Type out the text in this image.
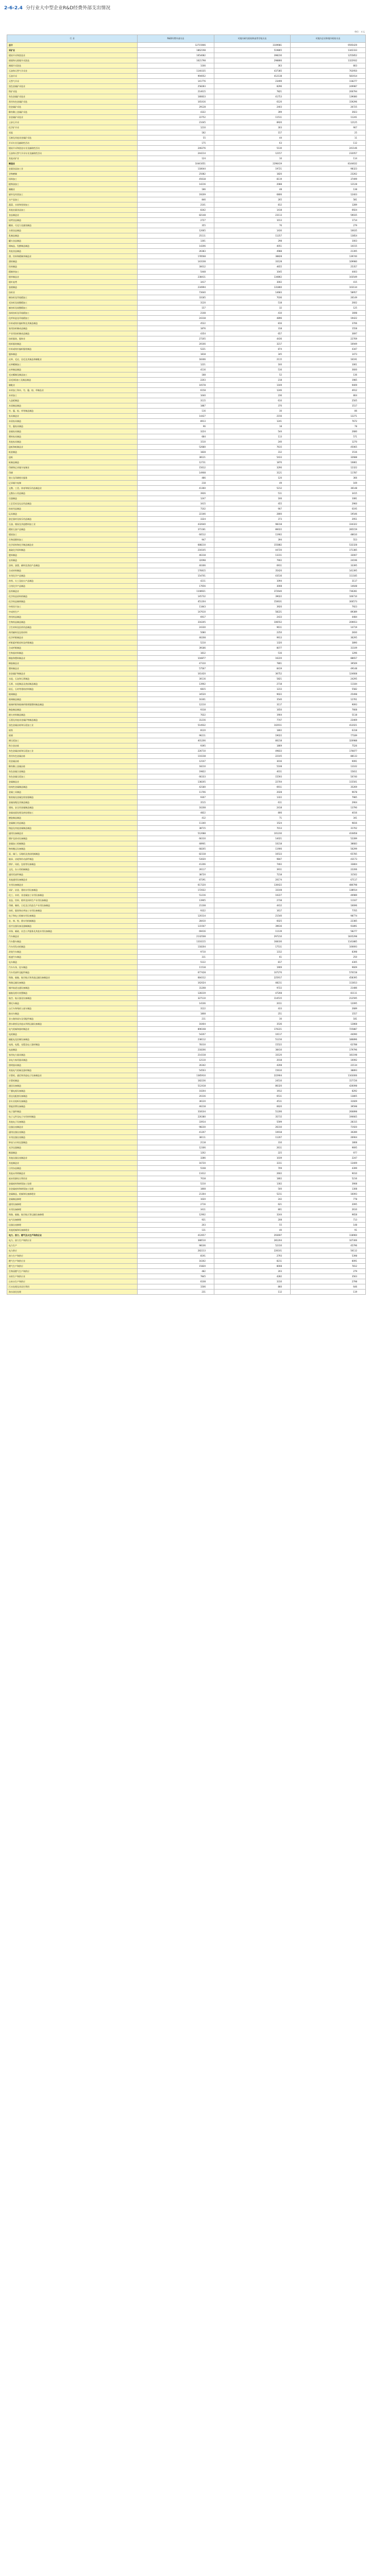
2-6-2.4 分行业大中型企业R&D经费外部支出情况
单位：万元
行 业	R&D经费外部支出	对境内研究机构和高等学校支出	对境内企业和境外机构支出
总计	12715906	3109981	9595429
采矿业	1862198	519865	1342333
煤炭开采和洗选业	1654082	398230	1255852
烟煤和无烟煤开采洗选	1621798	298866	1322932
褐煤开采洗选	1166	363	803
石油和天然气开采业	1140335	437385	702950
石油开采	994052	412138	581914
天然气开采	141776	23499	118277
黑色金属矿采选业	258283	8296	249987
铁矿采选	214615	7821	206794
有色金属矿采选业	180833	41753	139080
常用有色金属矿采选	165416	6120	159296
贵金属矿采选	29128	2403	26725
稀有稀土金属矿采选	4322	399	3923
非金属矿采选业	22752	11511	11241
土砂石开采	21045	8920	12125
化学矿开采	1210	303	907
采盐	182	157	25
石棉及其他非金属矿采选	55	44	11
开采专业及辅助性活动	175	63	112
煤炭开采和洗选专业及辅助性活动	246276	5130	241146
石油和天然气开采专业及辅助性活动	244214	12157	232057
其他采矿业	124	10	114
制造业	10441051	2296419	8144632
农副食品加工业	118044	19721	98323
谷物磨制	25082	1820	23262
饲料加工	45618	8119	37499
植物油加工	14216	2088	12128
制糖业	186	48	138
屠宰及肉类加工	19209	6806	12403
水产品加工	846	265	581
蔬菜、水果和坚果加工	2101	812	1289
其他农副食品加工	8342	1418	6924
食品制造业	82148	23113	59035
焙烤食品制造	2727	1013	1714
糖果、巧克力及蜜饯制造	355	76	279
方便食品制造	12065	1430	10635
乳制品制造	25111	11257	13854
罐头食品制造	1301	298	1003
调味品、发酵制品制造	14206	4051	10155
其他食品制造	26383	4988	21395
酒、饮料和精制茶制造业	178568	38828	139740
酒的制造	143108	33128	109980
饮料制造	30012	4655	25357
精制茶加工	5448	1045	4403
烟草制品业	238411	134862	103549
烟叶复烤	3417	3002	415
卷烟制造	234994	131860	103134
纺织业	73640	14683	58957
棉纺织及印染精加工	33185	7036	26149
毛纺织及染整精加工	3120	518	2602
麻纺织及染整精加工	157	32	125
丝绢纺织及印染精加工	2108	410	1698
化纤织造及印染精加工	24318	4896	19422
针织或钩针编织物及其制品制造	4522	816	3706
家用纺织制成品制造	1876	318	1558
产业用纺织制成品制造	4354	657	3697
纺织服装、服饰业	27205	4436	22769
机织服装制造	20166	3217	16949
针织或钩针编织服装制造	5221	874	4347
服饰制造	1818	345	1473
皮革、毛皮、羽毛及其制品和制鞋业	18306	2115	16191
皮革鞣制加工	1221	160	1061
皮革制品制造	4116	516	3600
毛皮鞣制及制品加工	188	52	136
羽毛(绒)加工及制品制造	2203	218	1985
制鞋业	10578	1169	9409
木材加工和木、竹、藤、棕、草制品业	6158	1246	4912
木材加工	1040	236	804
人造板制造	3115	610	2505
木质制品制造	1887	370	1517
竹、藤、棕、草等制品制造	116	30	86
家具制造业	14427	2156	12271
木质家具制造	8913	1241	7672
竹、藤家具制造	96	18	78
金属家具制造	3224	544	2680
塑料家具制造	684	113	571
其他家具制造	1510	240	1270
造纸和纸制品业	52680	7615	45065
纸浆制造	1828	312	1516
造纸	38121	5433	32688
纸制品制造	12731	1870	10861
印刷和记录媒介复制业	15612	3290	12322
印刷	14908	3121	11787
装订及印刷相关服务	486	120	366
记录媒介复制	218	49	169
文教、工美、体育和娱乐用品制造业	41360	5212	36148
文教办公用品制造	3926	511	3415
乐器制造	1247	166	1081
工艺美术及礼仪用品制造	3415	455	2960
体育用品制造	7102	907	6195
玩具制造	22346	2800	19546
游艺器材及娱乐用品制造	3324	373	2951
石油、煤炭及其他燃料加工业	432640	98318	334322
精炼石油产品制造	371181	86022	285159
煤炭加工	60512	11902	48610
生物质燃料加工	947	394	553
化学原料和化学制品制造业	688210	155882	532328
基础化学原料制造	216105	44720	171385
肥料制造	46318	13311	33007
农药制造	32098	7902	24196
涂料、油墨、颜料及类似产品制造	40306	6911	33395
合成材料制造	176815	35420	141395
专用化学产品制造	154701	43516	111185
炸药、火工及焰火产品制造	4211	1094	3117
日用化学产品制造	17656	3008	14648
医药制造业	1108921	372640	736281
化学药品原料药制造	145732	39022	106710
化学药品制剂制造	451204	150631	300573
中药饮片加工	11843	3920	7923
中成药生产	147610	58221	89389
兽用药品制造	6917	2433	4484
生物药品制品制造	316205	106552	209653
卫生材料及医药用品制造	24330	9611	14719
药用辅料及包装材料	5080	2250	2830
化学纤维制造业	46208	9913	36295
纤维素纤维原料及纤维制造	5210	1320	3890
合成纤维制造	39186	8077	31109
生物基材料制造	1812	516	1296
橡胶和塑料制品业	104877	16220	88657
橡胶制品业	47310	7801	39509
塑料制品业	57567	8419	49148
非金属矿物制品业	161420	36752	124668
水泥、石灰和石膏制造	30116	5821	24295
石膏、水泥制品及类似制品制造	13902	2718	11184
砖瓦、石材等建筑材料制造	6815	1233	5582
玻璃制造	34520	9022	25498
玻璃制品制造	16301	3540	12761
玻璃纤维和玻璃纤维增强塑料制品制造	12210	3117	9093
陶瓷制品制造	9318	1650	7668
耐火材料制品制造	7022	1904	5118
石墨及其他非金属矿物制品制造	31216	7747	23469
黑色金属冶炼和压延加工业	514932	102911	412021
炼铁	8120	1802	6318
炼钢	96211	19022	77189
钢压延加工	401206	80218	320988
铁合金冶炼	9395	1869	7526
有色金属冶炼和压延加工业	226710	49833	176877
常用有色金属冶炼	110238	22105	88133
贵金属冶炼	12107	3016	9091
稀有稀土金属冶炼	18210	5108	13102
有色金属合金制造	19822	4011	15811
有色金属压延加工	66333	15593	50740
金属制品业	138205	22704	115501
结构性金属制品制造	42180	6911	35269
金属工具制造	11706	2028	9678
集装箱及金属包装容器制造	9307	1322	7985
金属丝绳及其制品制造	3515	611	2904
建筑、安全用金属制品制造	16208	2418	13790
金属表面处理及热处理加工	4822	806	4016
搪瓷制品制造	412	71	341
金属制日用品制造	11340	1524	9816
铸造及其他金属制品制造	38715	7013	31702
通用设备制造业	512088	101230	410858
锅炉及原动设备制造	66310	14021	52289
金属加工机械制造	48901	10218	38683
物料搬运设备制造	68205	11906	56299
泵、阀门、压缩机及类似机械制造	82318	16533	65785
轴承、齿轮和传动部件制造	53020	9847	43173
烘炉、风机、包装等设备制造	41206	7402	33804
文化、办公用机械制造	26117	3911	22206
通用零部件制造	38720	7218	31502
其他通用设备制造业	87291	20174	67117
专用设备制造业	617220	130422	486798
采矿、冶金、建筑专用设备制造	172022	33108	138914
化工、木材、非金属加工专用设备制造	51216	10227	40989
食品、饮料、烟草及饲料生产专用设备制造	13905	2738	11167
印刷、制药、日化及日用品生产专用设备制造	21108	4412	16696
纺织、服装和皮革加工专用设备制造	9322	1617	7705
电子和电工机械专用设备制造	120314	21540	98774
农、林、牧、渔专用机械制造	28410	6025	22385
医疗仪器设备及器械制造	131507	39616	91891
环保、邮政、社会公共服务及其他专用设备制造	69416	11139	58277
汽车制造业	2132508	297210	1835298
汽车整车制造	1310215	168330	1141885
汽车用发动机制造	118204	17511	100693
改装汽车制造	9710	1312	8398
低速汽车制造	311	61	250
电车制造	5122	817	4305
汽车车身、挂车制造	11518	1909	9609
汽车零部件及配件制造	677428	107270	570158
铁路、船舶、航空航天和其他运输设备制造业	684312	225917	458395
铁路运输设备制造	162024	48211	113813
城市轨道交通设备制造	31208	9722	21486
船舶及相关装置制造	128319	47208	81111
航空、航天器及设备制造	327110	114515	212595
摩托车制造	14106	2011	12095
自行车和残疾人座车制造	3122	433	2689
助动车制造	1808	251	1557
非公路休闲车及零配件制造	211	30	181
潜水救捞及其他未列明运输设备制造	16404	3536	12868
电气机械和器材制造业	896108	170221	725887
电机制造	54207	10117	44090
输配电及控制设备制造	238112	51216	186896
电线、电缆、光缆及电工器材制造	78310	15522	62788
电池制造	218206	38410	179796
家用电力器具制造	214318	33120	181198
非电力家用器具制造	12110	2018	10092
照明器具制造	26342	4208	22134
其他电气机械及器材制造	54503	15610	38893
计算机、通信和其他电子设备制造业	1385910	222904	1163006
计算机制造	182236	24510	157726
通信设备制造	512418	86320	426098
广播电视设备制造	10204	1912	8292
雷达及配套设备制造	20316	6511	13805
非专业视听设备制造	36120	4511	31609
智能消费设备制造	46218	6620	39598
电子器件制造	318104	51206	266898
电子元件及电子专用材料制造	226380	35715	190665
其他电子设备制造	33914	5599	28315
仪器仪表制造业	98230	26310	71920
通用仪器仪表制造	41207	10918	30289
专用仪器仪表制造	38111	11207	26904
钟表与计时仪器制造	2118	310	1808
光学仪器制造	12306	2611	9695
衡器制造	1202	225	977
其他仪器仪表制造业	3286	1039	2247
其他制造业	16720	3311	13409
日用杂品制造	5108	709	4399
其他未列明制造业	11612	2602	9010
废弃资源综合利用业	7018	1802	5216
金属废料和碎屑加工处理	5210	1302	3908
非金属废料和碎屑加工处理	1808	500	1308
金属制品、机械和设备修理业	21304	5211	16093
金属制品修理	1020	242	778
通用设备修理	2716	621	2095
专用设备修理	3411	801	2610
铁路、船舶、航空航天等运输设备修理	12902	3244	9658
电气设备修理	921	208	713
仪器仪表修理	203	55	148
其他机械和设备修理业	131	40	91
电力、热力、燃气及水生产和供应业	412657	293697	118960
电力、热力生产和供应业	388510	281204	107306
电力生产	98106	52310	45796
电力供应	282213	226101	56112
热力生产和供应	8191	2793	5398
燃气生产和供应业	16302	8211	8091
燃气生产和供应	15820	8008	7812
生物质燃气生产和供应	482	203	279
水的生产和供应业	7845	4282	3563
自来水生产和供应	6108	3310	2798
污水处理及其再生利用	1506	860	646
海水淡化处理	231	112	119
